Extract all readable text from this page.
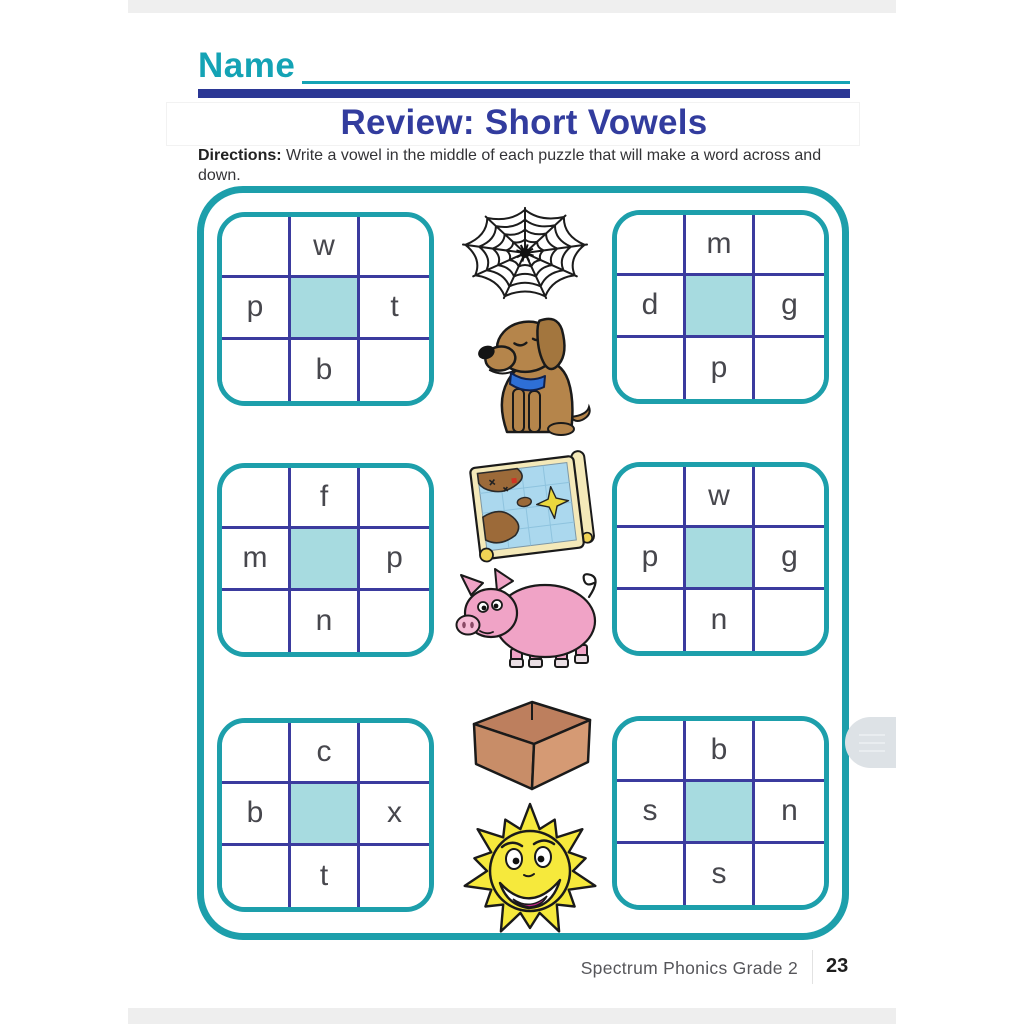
Name
Review: Short Vowels
Directions: Write a vowel in the middle of each puzzle that will make a word across and down.
w
p	t
b
m
d	g
p
f
m	p
n
w
p	g
n
c
b	x
t
b
s	n
s
Spectrum Phonics Grade 2 23
